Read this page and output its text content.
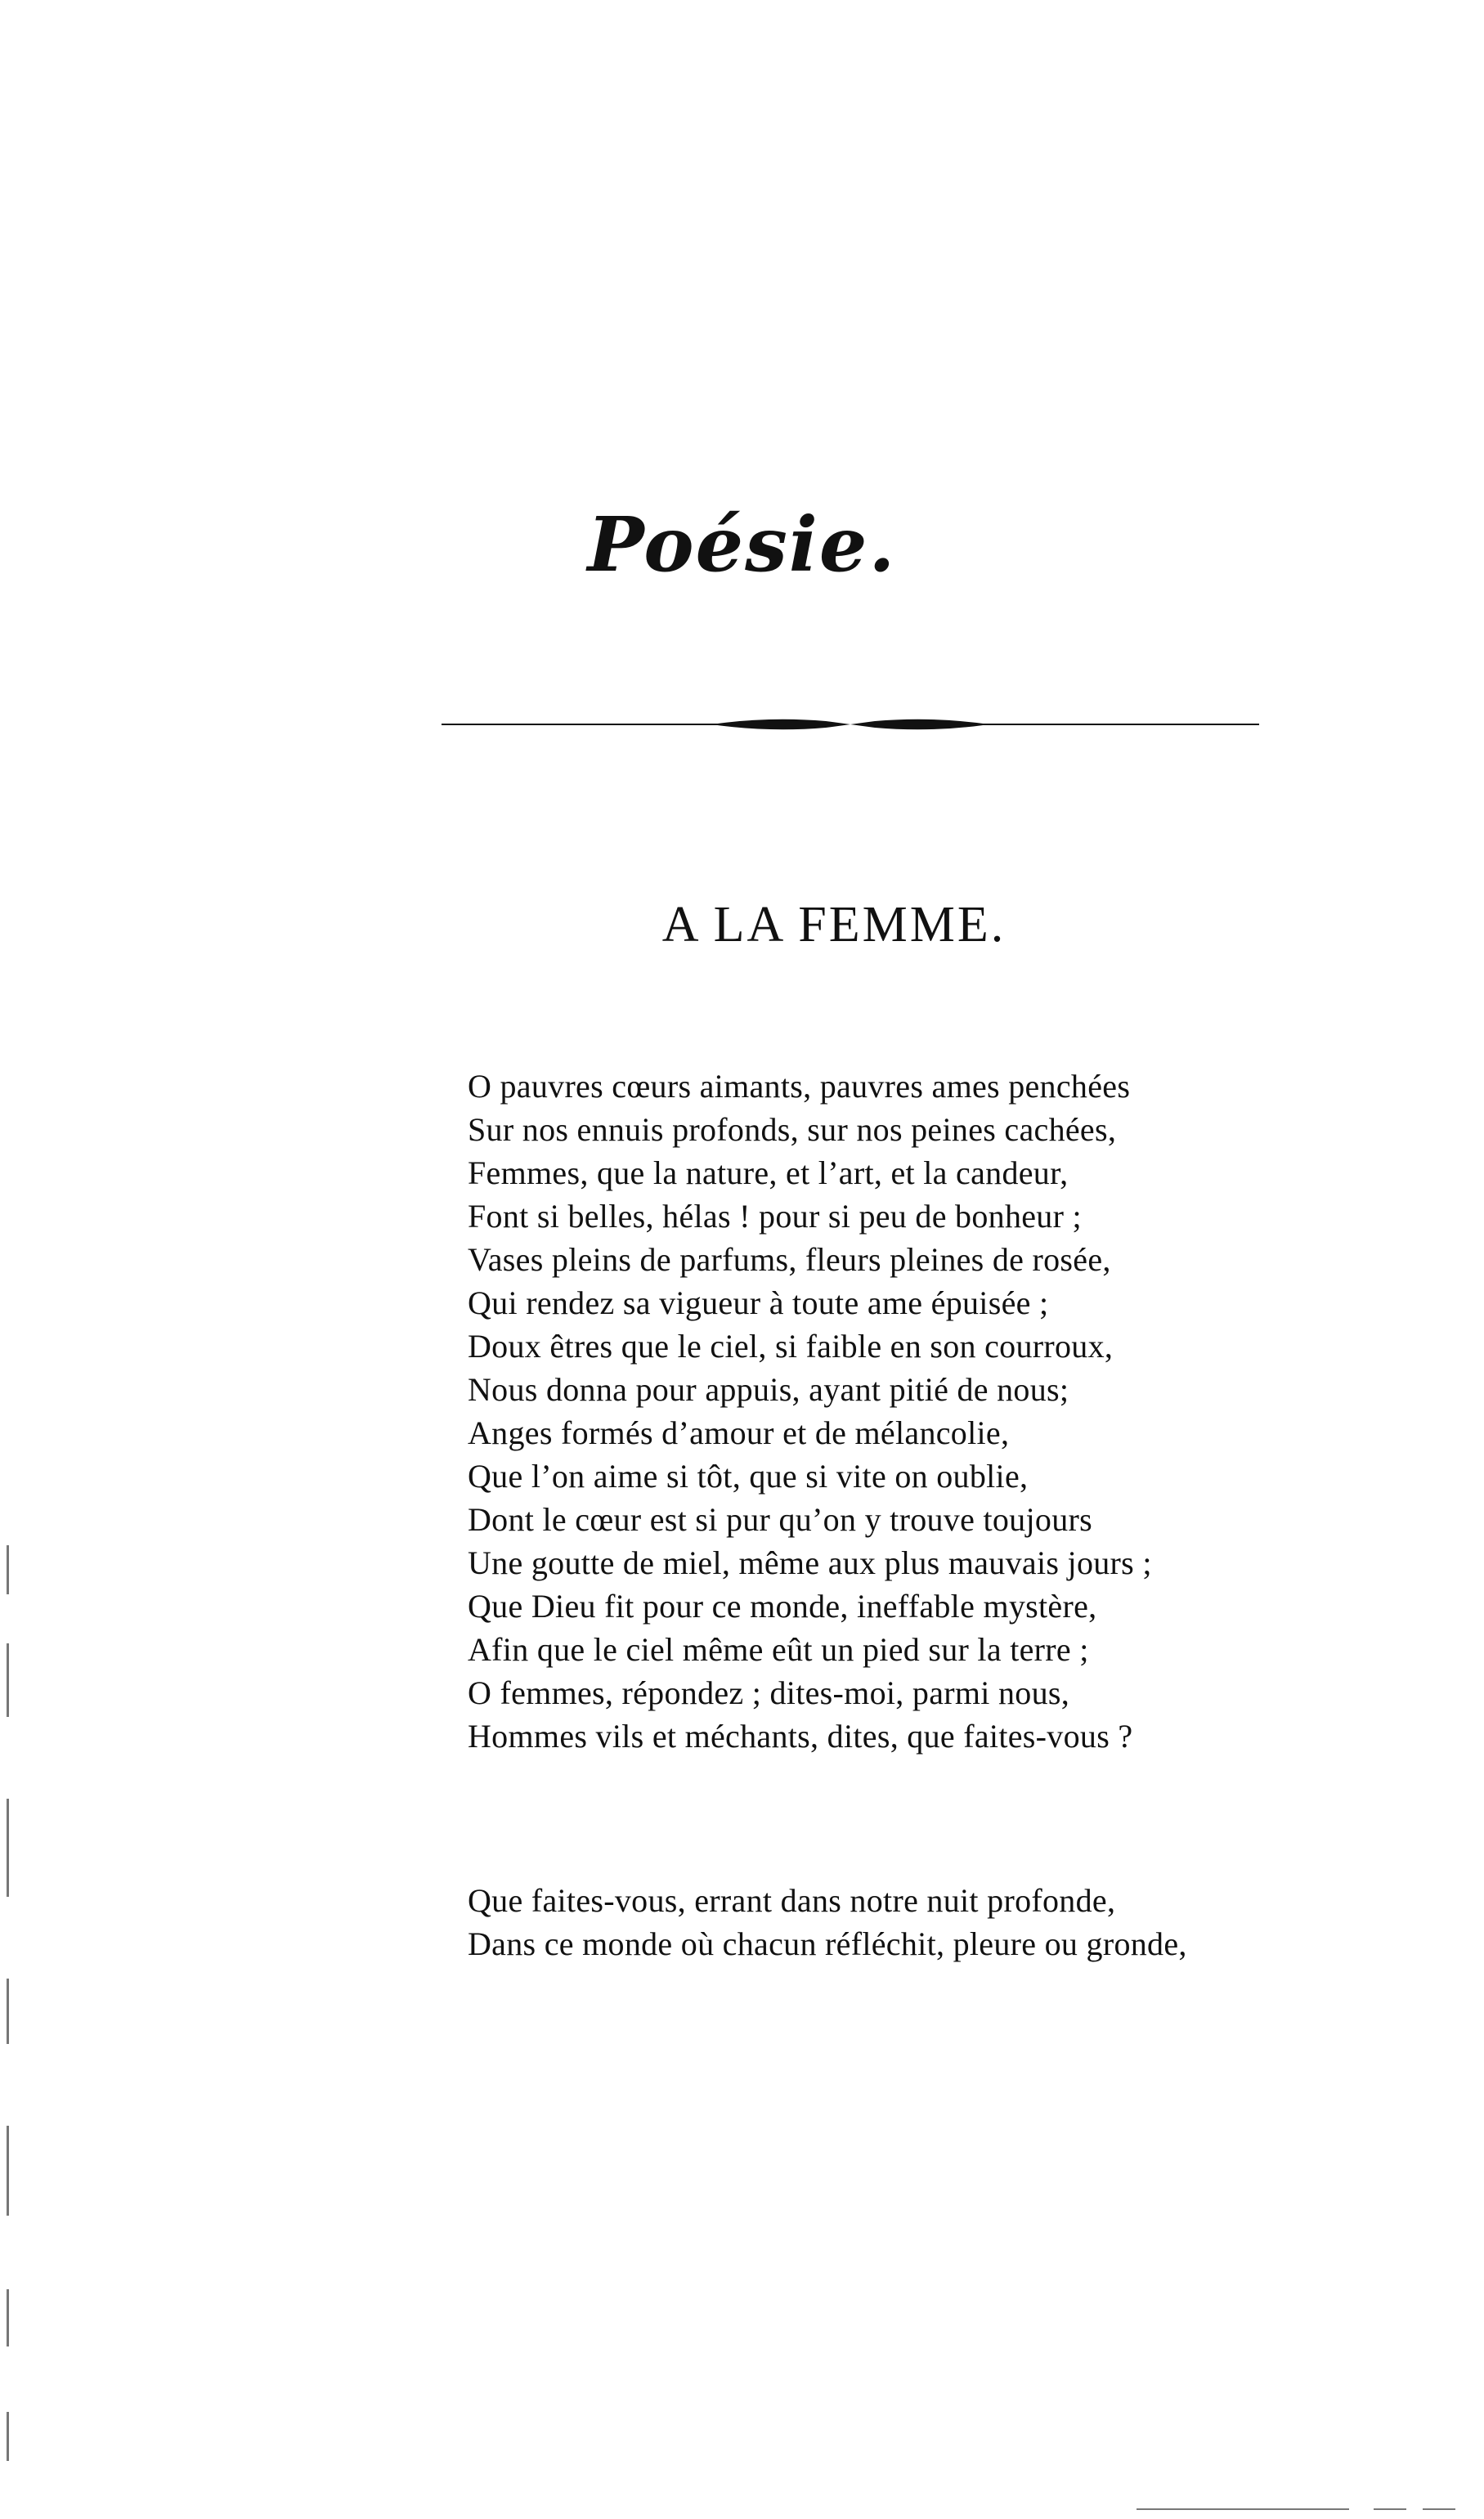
Poésie.
A LA FEMME.
O pauvres cœurs aimants, pauvres ames penchées
Sur nos ennuis profonds, sur nos peines cachées,
Femmes, que la nature, et l’art, et la candeur,
Font si belles, hélas ! pour si peu de bonheur ;
Vases pleins de parfums, fleurs pleines de rosée,
Qui rendez sa vigueur à toute ame épuisée ;
Doux êtres que le ciel, si faible en son courroux,
Nous donna pour appuis, ayant pitié de nous;
Anges formés d’amour et de mélancolie,
Que l’on aime si tôt, que si vite on oublie,
Dont le cœur est si pur qu’on y trouve toujours
Une goutte de miel, même aux plus mauvais jours ;
Que Dieu fit pour ce monde, ineffable mystère,
Afin que le ciel même eût un pied sur la terre ;
O femmes, répondez ; dites-moi, parmi nous,
Hommes vils et méchants, dites, que faites-vous ?
Que faites-vous, errant dans notre nuit profonde,
Dans ce monde où chacun réfléchit, pleure ou gronde,
